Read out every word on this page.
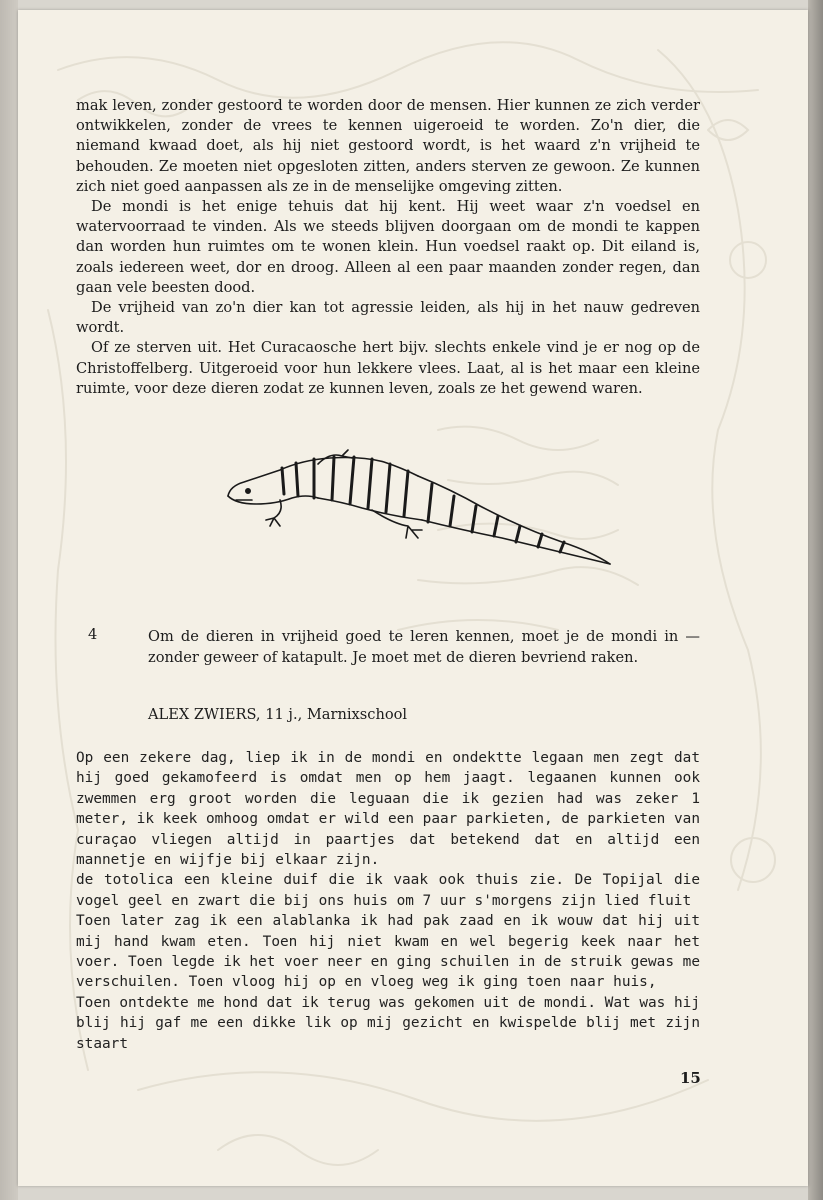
mak leven, zonder gestoord te worden door de mensen. Hier kunnen ze zich verder ontwikkelen, zonder de vrees te kennen uigeroeid te worden. Zo'n dier, die niemand kwaad doet, als hij niet gestoord wordt, is het waard z'n vrijheid te behouden. Ze moeten niet opgesloten zitten, anders sterven ze gewoon. Ze kunnen zich niet goed aanpassen als ze in de menselijke omgeving zitten.

De mondi is het enige tehuis dat hij kent. Hij weet waar z'n voedsel en watervoorraad te vinden. Als we steeds blijven doorgaan om de mondi te kappen dan worden hun ruimtes om te wonen klein. Hun voedsel raakt op. Dit eiland is, zoals iedereen weet, dor en droog. Alleen al een paar maanden zonder regen, dan gaan vele beesten dood.

De vrijheid van zo'n dier kan tot agressie leiden, als hij in het nauw gedreven wordt.

Of ze sterven uit. Het Curacaosche hert bijv. slechts enkele vind je er nog op de Christoffelberg. Uitgeroeid voor hun lekkere vlees. Laat, al is het maar een kleine ruimte, voor deze dieren zodat ze kunnen leven, zoals ze het gewend waren.

4	Om de dieren in vrijheid goed te leren kennen, moet je de mondi in — zonder geweer of katapult. Je moet met de dieren bevriend raken.
ALEX ZWIERS, 11 j., Marnixschool

Op een zekere dag, liep ik in de mondi en ondektte legaan men zegt dat hij goed gekamofeerd is omdat men op hem jaagt. legaanen kunnen ook zwemmen erg groot worden die leguaan die ik gezien had was zeker 1 meter, ik keek omhoog omdat er wild een paar parkieten, de parkieten van curaçao vliegen altijd in paartjes dat betekend dat en altijd een mannetje en wijfje bij elkaar zijn.

de totolica een kleine duif die ik vaak ook thuis zie. De Topijal die vogel geel en zwart die bij ons huis om 7 uur s'morgens zijn lied fluit

Toen later zag ik een alablanka ik had pak zaad en ik wouw dat hij uit mij hand kwam eten. Toen hij niet kwam en wel begerig keek naar het voer. Toen legde ik het voer neer en ging schuilen in de struik gewas me verschuilen. Toen vloog hij op en vloeg weg ik ging toen naar huis,

Toen ontdekte me hond dat ik terug was gekomen uit de mondi. Wat was hij blij hij gaf me een dikke lik op mij gezicht en kwispelde blij met zijn staart

15
